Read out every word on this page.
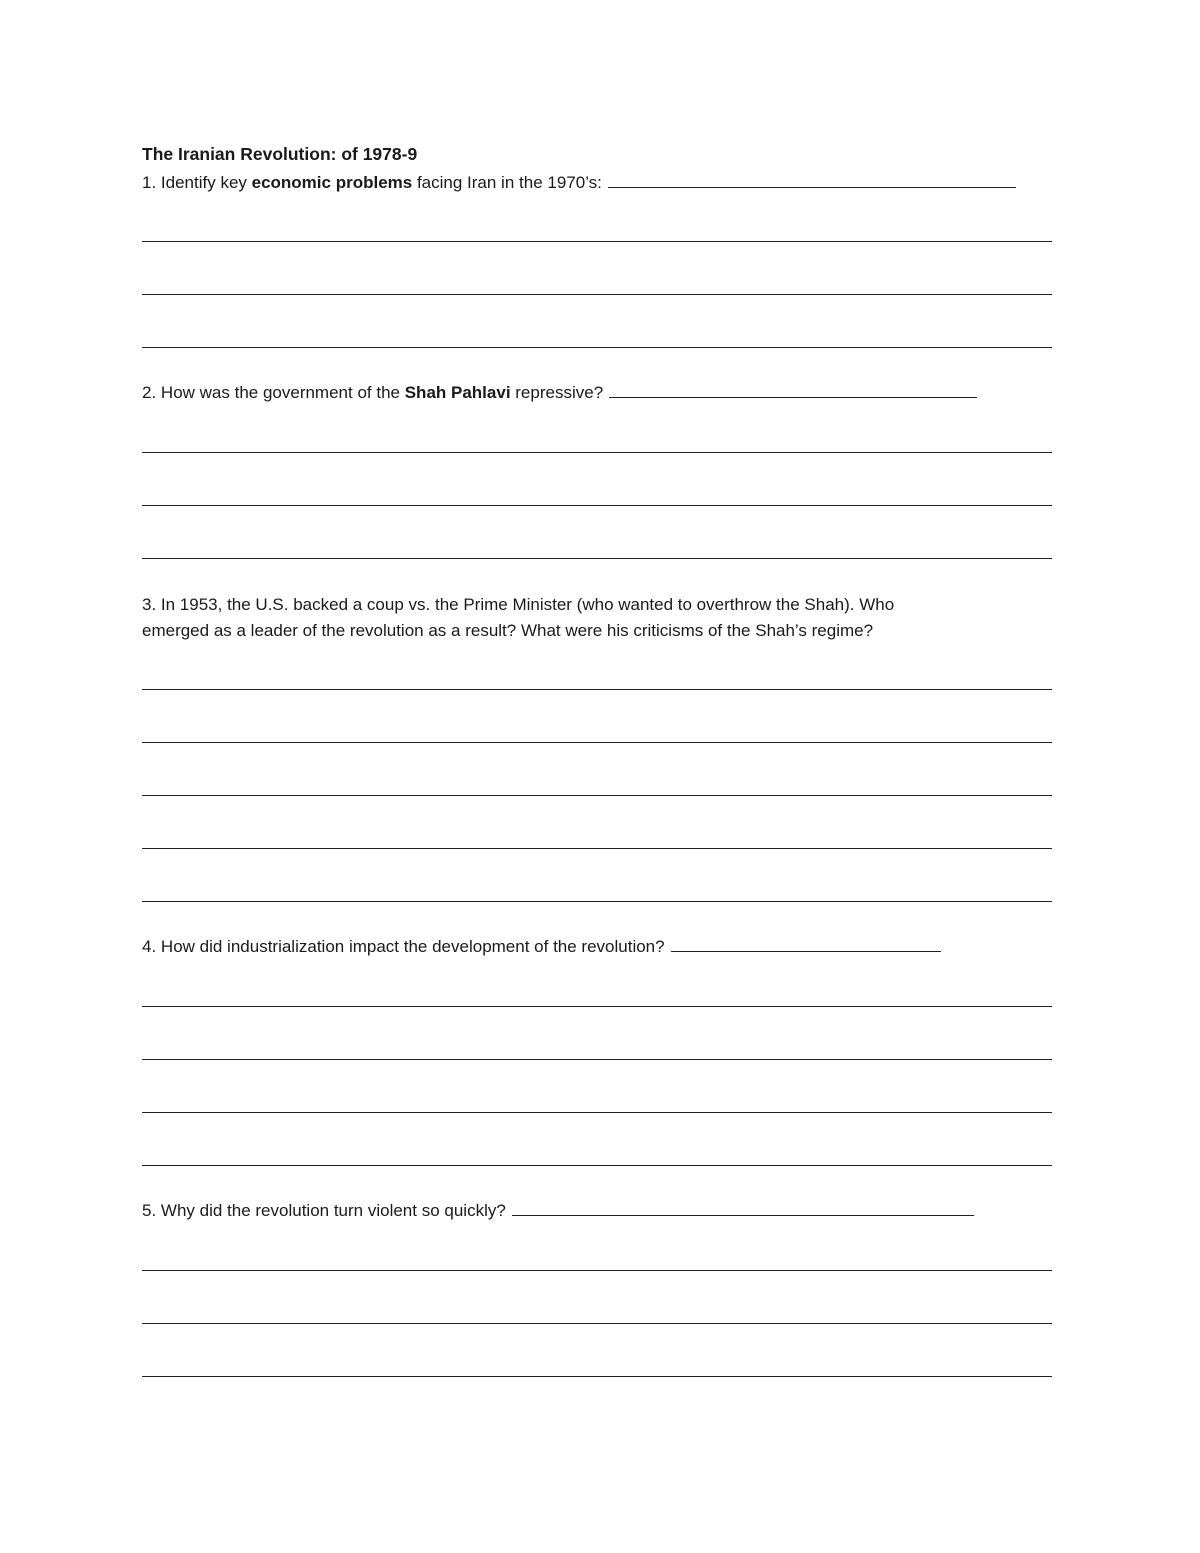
The Iranian Revolution: of 1978-9
1. Identify key economic problems facing Iran in the 1970’s:
2. How was the government of the Shah Pahlavi repressive?
3. In 1953, the U.S. backed a coup vs. the Prime Minister (who wanted to overthrow the Shah). Who
emerged as a leader of the revolution as a result? What were his criticisms of the Shah’s regime?
4. How did industrialization impact the development of the revolution?
5. Why did the revolution turn violent so quickly?
